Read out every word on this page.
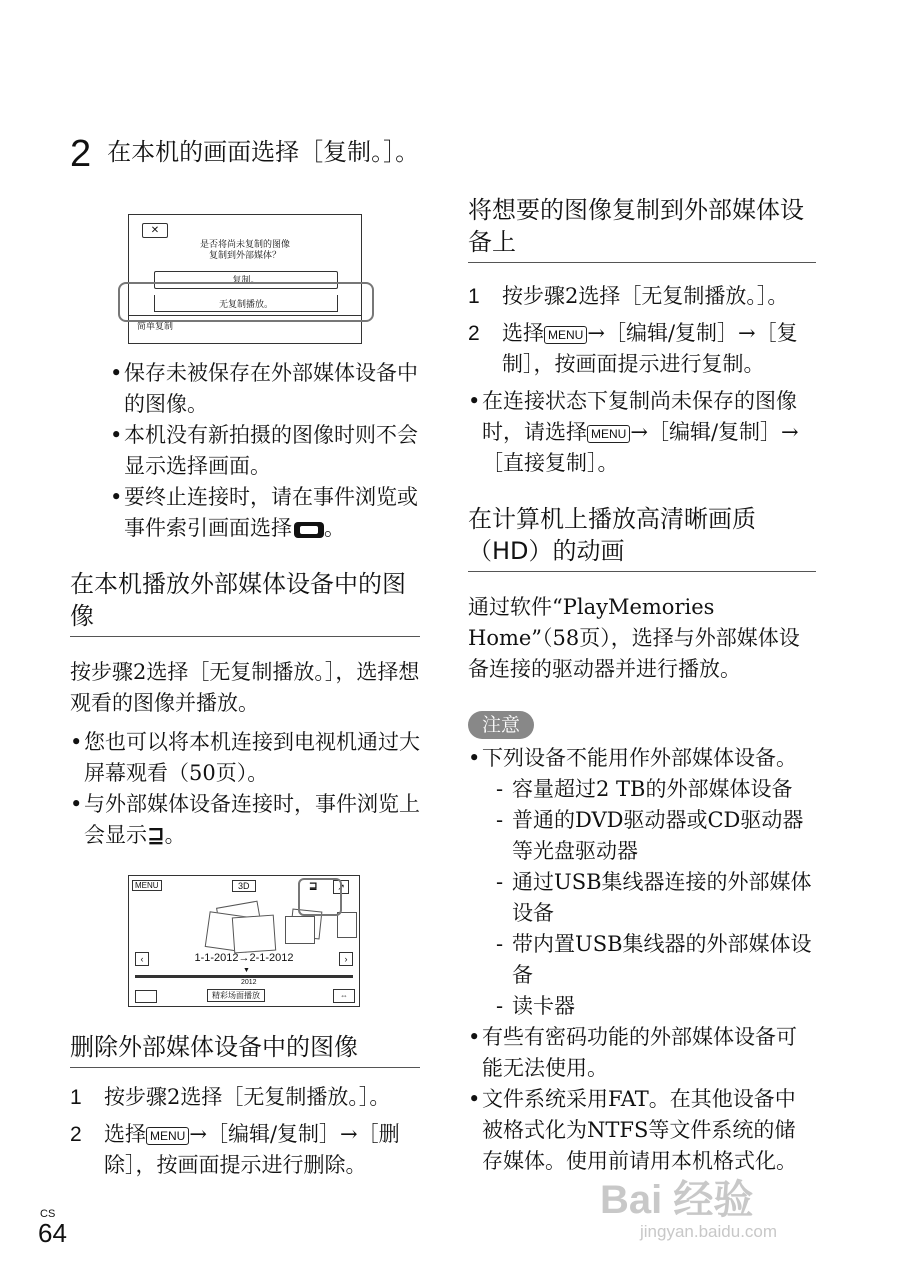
2 在本机的画面选择［复制。］。
✕
是否将尚未复制的图像
复制到外部媒体？
复制。
无复制播放。
简单复制
• 保存未被保存在外部媒体设备中的图像。
• 本机没有新拍摄的图像时则不会显示选择画面。
• 要终止连接时，请在事件浏览或事件索引画面选择 。
在本机播放外部媒体设备中的图像
按步骤2选择［无复制播放。］，选择想观看的图像并播放。
• 您也可以将本机连接到电视机通过大屏幕观看（50页）。
• 与外部媒体设备连接时，事件浏览上会显示⊒。
MENU	3D	⊒	↗
‹	1-1-2012→2-1-2012	›
▼
2012
精彩场面播放	⇔
删除外部媒体设备中的图像
1	按步骤2选择［无复制播放。］。
2	选择 MENU →［编辑/复制］→［删除］，按画面提示进行删除。
将想要的图像复制到外部媒体设备上
1	按步骤2选择［无复制播放。］。
2	选择 MENU →［编辑/复制］→［复制］，按画面提示进行复制。
• 在连接状态下复制尚未保存的图像时，请选择 MENU →［编辑/复制］→［直接复制］。
在计算机上播放高清晰画质（HD）的动画
通过软件“PlayMemories Home”（58页），选择与外部媒体设备连接的驱动器并进行播放。
注意
• 下列设备不能用作外部媒体设备。
- 容量超过2 TB的外部媒体设备
- 普通的DVD驱动器或CD驱动器等光盘驱动器
- 通过USB集线器连接的外部媒体设备
- 带内置USB集线器的外部媒体设备
- 读卡器
• 有些有密码功能的外部媒体设备可能无法使用。
• 文件系统采用FAT。在其他设备中被格式化为NTFS等文件系统的储存媒体。使用前请用本机格式化。
CS
64
Bai 经验
jingyan.baidu.com
